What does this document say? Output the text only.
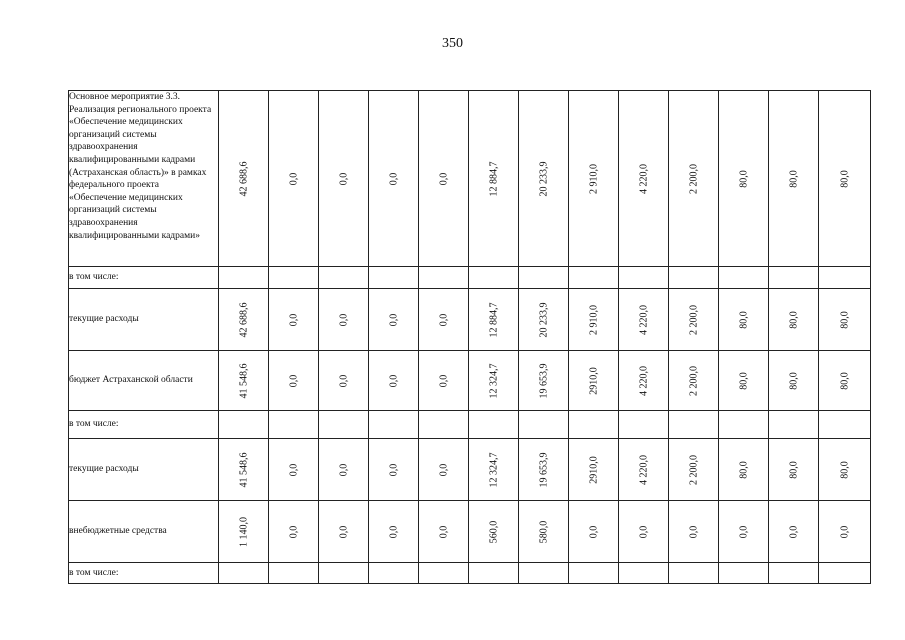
350
Основное мероприятие 3.3. Реализация регионального проекта «Обеспечение медицинских организаций системы здравоохранения квалифицированными кадрами (Астраханская область)» в рамках федерального проекта «Обеспечение медицинских организаций системы здравоохранения квалифицированными кадрами»	42 688,6	0,0	0,0	0,0	0,0	12 884,7	20 233,9	2 910,0	4 220,0	2 200,0	80,0	80,0	80,0

в том числе:													
текущие расходы	42 688,6	0,0	0,0	0,0	0,0	12 884,7	20 233,9	2 910,0	4 220,0	2 200,0	80,0	80,0	80,0

бюджет Астраханской области	41 548,6	0,0	0,0	0,0	0,0	12 324,7	19 653,9	2910,0	4 220,0	2 200,0	80,0	80,0	80,0

в том числе:													
текущие расходы	41 548,6	0,0	0,0	0,0	0,0	12 324,7	19 653,9	2910,0	4 220,0	2 200,0	80,0	80,0	80,0

внебюджетные средства	1 140,0	0,0	0,0	0,0	0,0	560,0	580,0	0,0	0,0	0,0	0,0	0,0	0,0

в том числе:													
